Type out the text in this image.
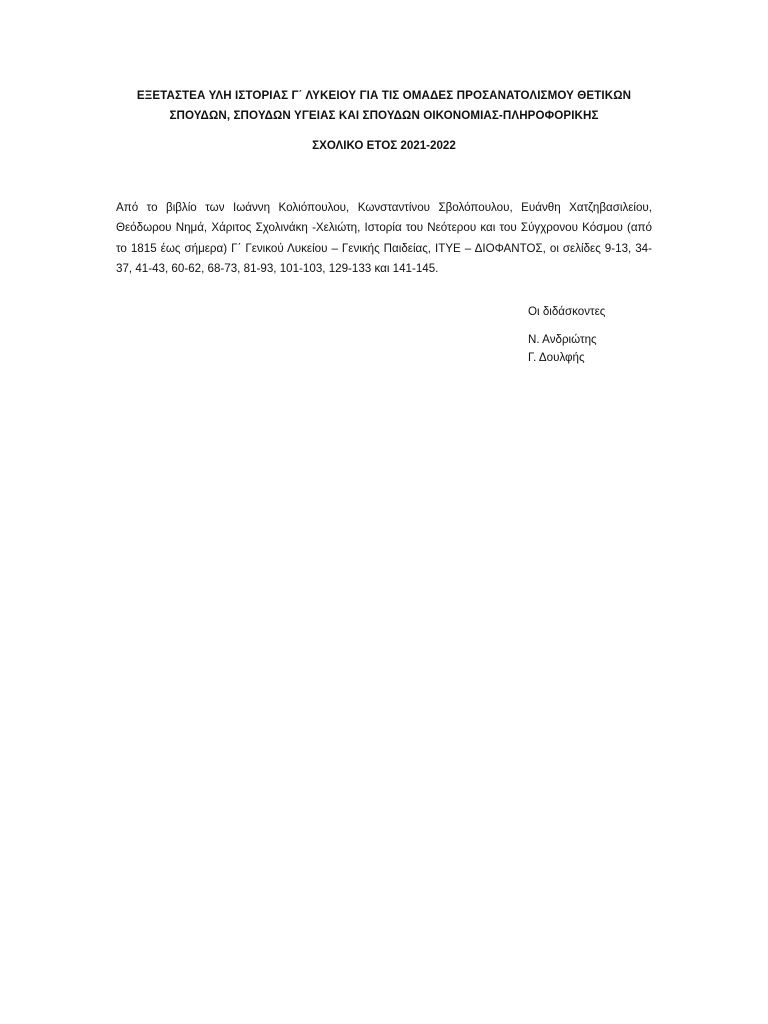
ΕΞΕΤΑΣΤΕΑ ΥΛΗ ΙΣΤΟΡΙΑΣ Γ΄ ΛΥΚΕΙΟΥ ΓΙΑ ΤΙΣ ΟΜΑΔΕΣ ΠΡΟΣΑΝΑΤΟΛΙΣΜΟΥ ΘΕΤΙΚΩΝ
ΣΠΟΥΔΩΝ, ΣΠΟΥΔΩΝ ΥΓΕΙΑΣ ΚΑΙ ΣΠΟΥΔΩΝ ΟΙΚΟΝΟΜΙΑΣ-ΠΛΗΡΟΦΟΡΙΚΗΣ

ΣΧΟΛΙΚΟ ΕΤΟΣ 2021-2022

Από το βιβλίο των Ιωάννη Κολιόπουλου, Κωνσταντίνου Σβολόπουλου, Ευάνθη Χατζηβασιλείου, Θεόδωρου Νημά, Χάριτος Σχολινάκη -Χελιώτη, Ιστορία του Νεότερου και του Σύγχρονου Κόσμου (από το 1815 έως σήμερα) Γ΄ Γενικού Λυκείου – Γενικής Παιδείας, ΙΤΥΕ – ΔΙΟΦΑΝΤΟΣ, οι σελίδες 9-13, 34-37, 41-43, 60-62, 68-73, 81-93, 101-103, 129-133 και 141-145.

Οι διδάσκοντες

Ν. Ανδριώτης

Γ. Δουλφής
